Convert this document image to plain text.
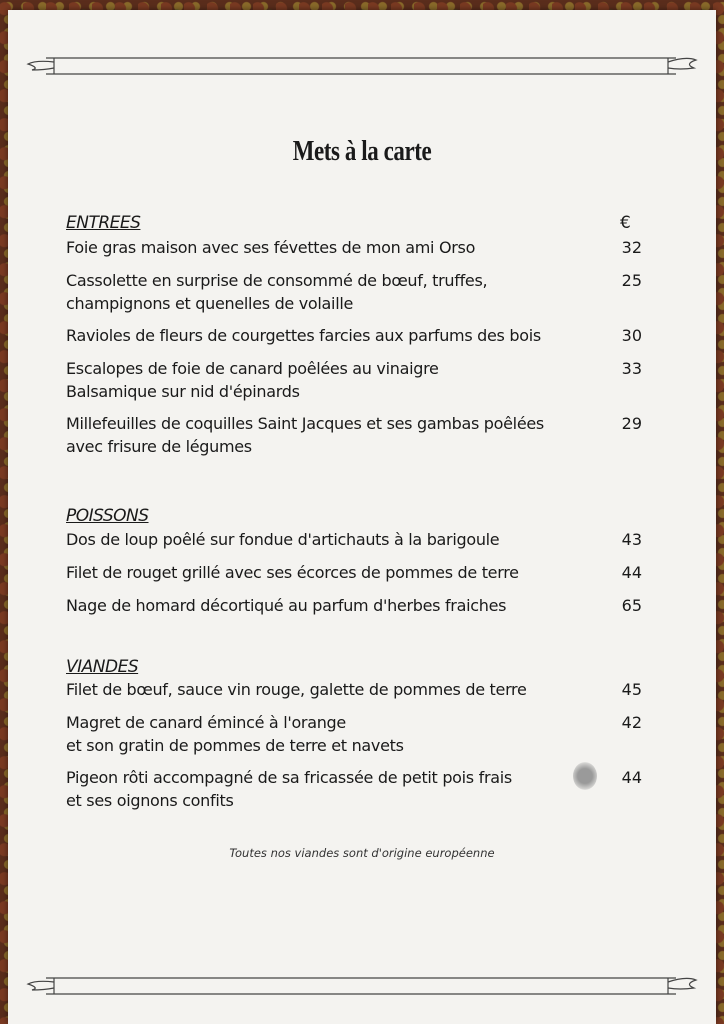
Mets à la carte
€
ENTREES
Foie gras maison avec ses févettes de mon ami Orso	32
Cassolette en surprise de consommé de bœuf, truffes,
champignons et quenelles de volaille
25
Ravioles de fleurs de courgettes farcies aux parfums des bois	30
Escalopes de foie de canard poêlées au vinaigre
Balsamique sur nid d'épinards
33
Millefeuilles de coquilles Saint Jacques et ses gambas poêlées
avec frisure de légumes
29
POISSONS
Dos de loup poêlé sur fondue d'artichauts à la barigoule	43
Filet de rouget grillé avec ses écorces de pommes de terre	44
Nage de homard décortiqué au parfum d'herbes fraiches	65
VIANDES
Filet de bœuf, sauce vin rouge, galette de pommes de terre	45
Magret de canard émincé à l'orange
et son gratin de pommes de terre et navets
42
Pigeon rôti accompagné de sa fricassée de petit pois frais
et ses oignons confits
44
Toutes nos viandes sont d'origine européenne
